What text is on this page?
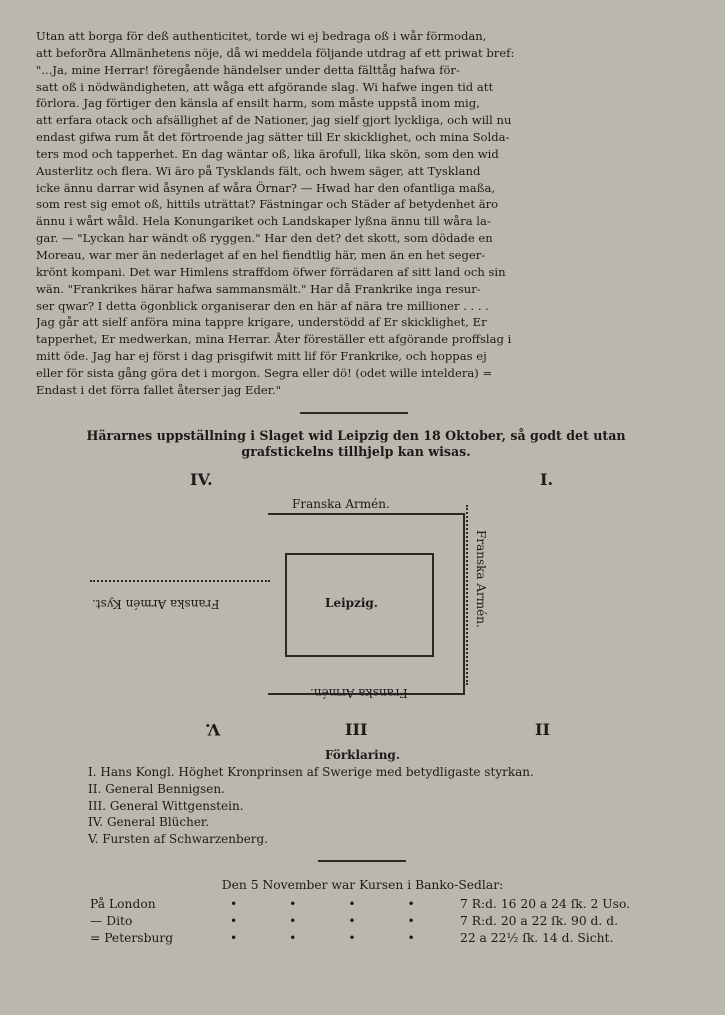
Utan att borga för deß authenticitet, torde wi ej bedraga oß i wår förmodan,

att beforðra Allmänhetens nöje, då wi meddela följande utdrag af ett priwat bref:

"...Ja, mine Herrar! föregående händelser under detta fälttåg hafwa för-

satt oß i nödwändigheten, att wåga ett afgörande slag. Wi hafwe ingen tid att

förlora. Jag förtiger den känsla af ensilt harm, som måste uppstå inom mig,

att erfara otack och afsällighet af de Nationer, jag sielf gjort lyckliga, och will nu

endast gifwa rum åt det förtroende jag sätter till Er skicklighet, och mina Solda-

ters mod och tapperhet. En dag wäntar oß, lika ärofull, lika skön, som den wid

Austerlitz och flera. Wi äro på Tysklands fält, och hwem säger, att Tyskland

icke ännu darrar wid åsynen af wåra Örnar? — Hwad har den ofantliga maßa,

som rest sig emot oß, hittils uträttat? Fästningar och Städer af betydenhet äro

ännu i wårt wåld. Hela Konungariket och Landskaper lyßna ännu till wåra la-

gar. — "Lyckan har wändt oß ryggen." Har den det? det skott, som dödade en

Moreau, war mer än nederlaget af en hel fiendtlig här, men än en het seger-

krönt kompani. Det war Himlens straffdom öfwer förrädaren af sitt land och sin

wän. "Frankrikes härar hafwa sammansmält." Har då Frankrike inga resur-

ser qwar? I detta ögonblick organiserar den en här af nära tre millioner . . . .

Jag går att sielf anföra mina tappre krigare, understödd af Er skicklighet, Er

tapperhet, Er medwerkan, mina Herrar. Åter föreställer ett afgörande proffslag i

mitt öde. Jag har ej först i dag prisgifwit mitt lif för Frankrike, och hoppas ej

eller för sista gång göra det i morgon. Segra eller dö! (odet wille inteldera) =

Endast i det förra fallet återser jag Eder."

Härarnes uppställning i Slaget wid Leipzig den 18 Oktober, så godt det utan
grafstickelns tillhjelp kan wisas.
IV.	I.
Franska Armén.
Franska Armén.
Franska Armén.
Franska Armén Kyst.	Leipzig.
V.	III	II
Förklaring.
I. Hans Kongl. Höghet Kronprinsen af Swerige med betydligaste styrkan.
II. General Bennigsen.
III. General Wittgenstein.
IV. General Blücher.
V. Fursten af Schwarzenberg.
Den 5 November war Kursen i Banko-Sedlar:
På London	• • • •	7 R:d. 16 20 a 24 ſk. 2 Uso.
— Dito	• • • •	7 R:d. 20 a 22 ſk. 90 d. d.
= Petersburg	• • • •	22 a 22½ ſk. 14 d. Sicht.
